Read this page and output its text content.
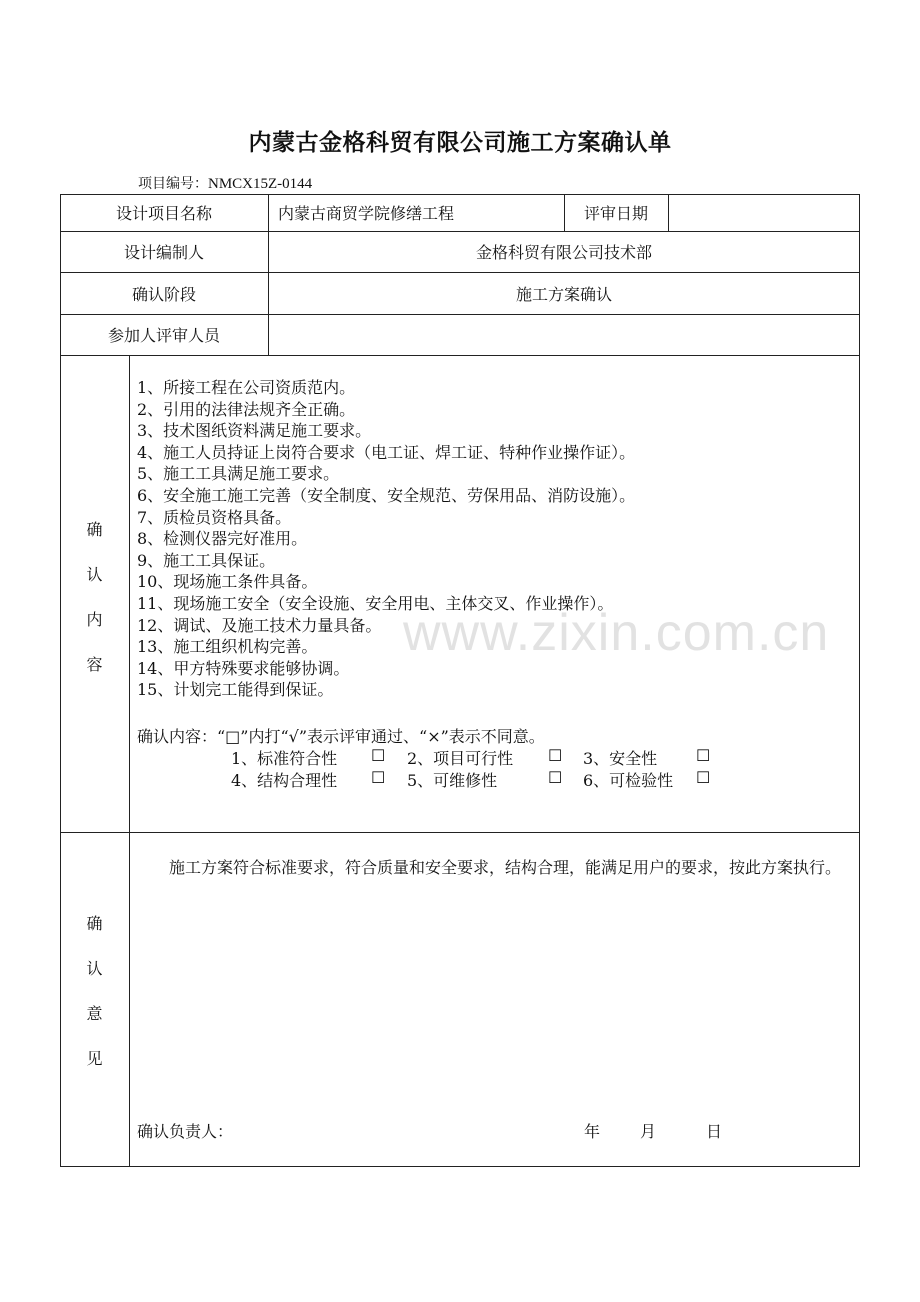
内蒙古金格科贸有限公司施工方案确认单
项目编号：NMCX15Z-0144
设计项目名称	内蒙古商贸学院修缮工程	评审日期
设计编制人	金格科贸有限公司技术部
确认阶段	施工方案确认
参加人评审人员
确
认
内
容
1、所接工程在公司资质范内。
2、引用的法律法规齐全正确。
3、技术图纸资料满足施工要求。
4、施工人员持证上岗符合要求（电工证、焊工证、特种作业操作证）。
5、施工工具满足施工要求。
6、安全施工施工完善（安全制度、安全规范、劳保用品、消防设施）。
7、质检员资格具备。
8、检测仪器完好准用。
9、施工工具保证。
10、现场施工条件具备。
11、现场施工安全（安全设施、安全用电、主体交叉、作业操作）。
12、调试、及施工技术力量具备。
13、施工组织机构完善。
14、甲方特殊要求能够协调。
15、计划完工能得到保证。
确认内容：“□”内打“√”表示评审通过、“×”表示不同意。
1、标准符合性 ☐ 2、项目可行性 ☐ 3、安全性 ☐
4、结构合理性 ☐ 5、可维修性	☐ 6、可检验性 ☐
确
认
意
见
施工方案符合标准要求，符合质量和安全要求，结构合理，能满足用户的要求，按此方案执行。
确认负责人：	年 月	日
www.zixin.com.cn
